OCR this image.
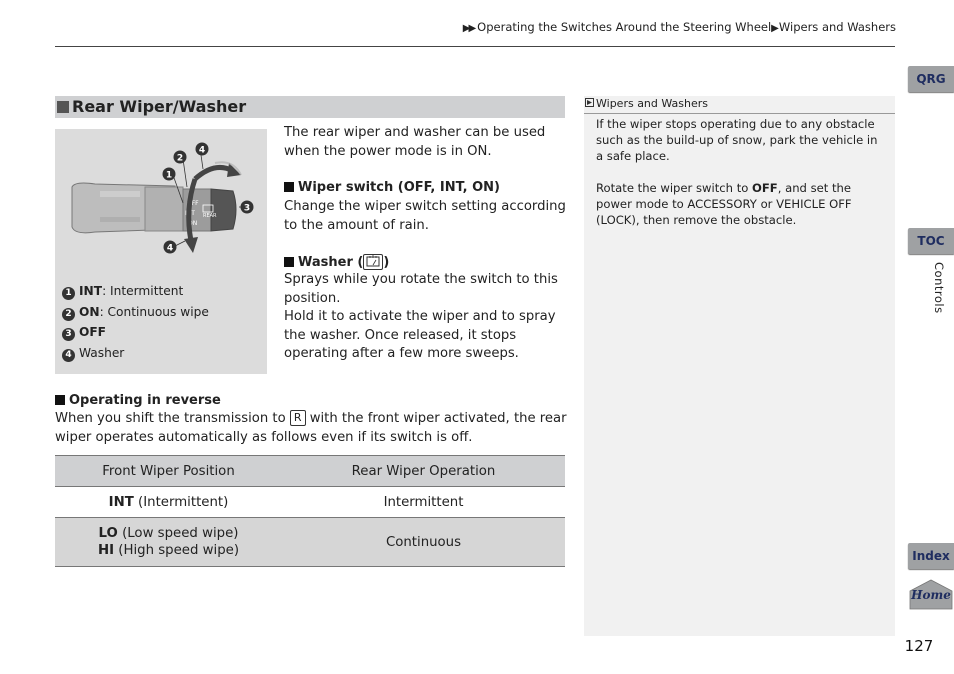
▶▶ Operating the Switches Around the Steering Wheel▶Wipers and Washers
QRG
TOC
Controls
Index
Home
127
Rear Wiper/Washer
OFF
INT
ON
REAR
4
2
1
3
4
1 INT: Intermittent
2 ON: Continuous wipe
3 OFF
4 Washer
The rear wiper and washer can be used when the power mode is in ON.
Wiper switch (OFF, INT, ON)
Change the wiper switch setting according to the amount of rain.
Washer ( )
Sprays while you rotate the switch to this position.
Hold it to activate the wiper and to spray the washer. Once released, it stops operating after a few more sweeps.
Operating in reverse
When you shift the transmission to R with the front wiper activated, the rear wiper operates automatically as follows even if its switch is off.
Front Wiper Position	Rear Wiper Operation
INT (Intermittent)	Intermittent
LO (Low speed wipe)
HI (High speed wipe)	Continuous
Wipers and Washers
If the wiper stops operating due to any obstacle such as the build-up of snow, park the vehicle in a safe place.
Rotate the wiper switch to OFF, and set the power mode to ACCESSORY or VEHICLE OFF (LOCK), then remove the obstacle.
